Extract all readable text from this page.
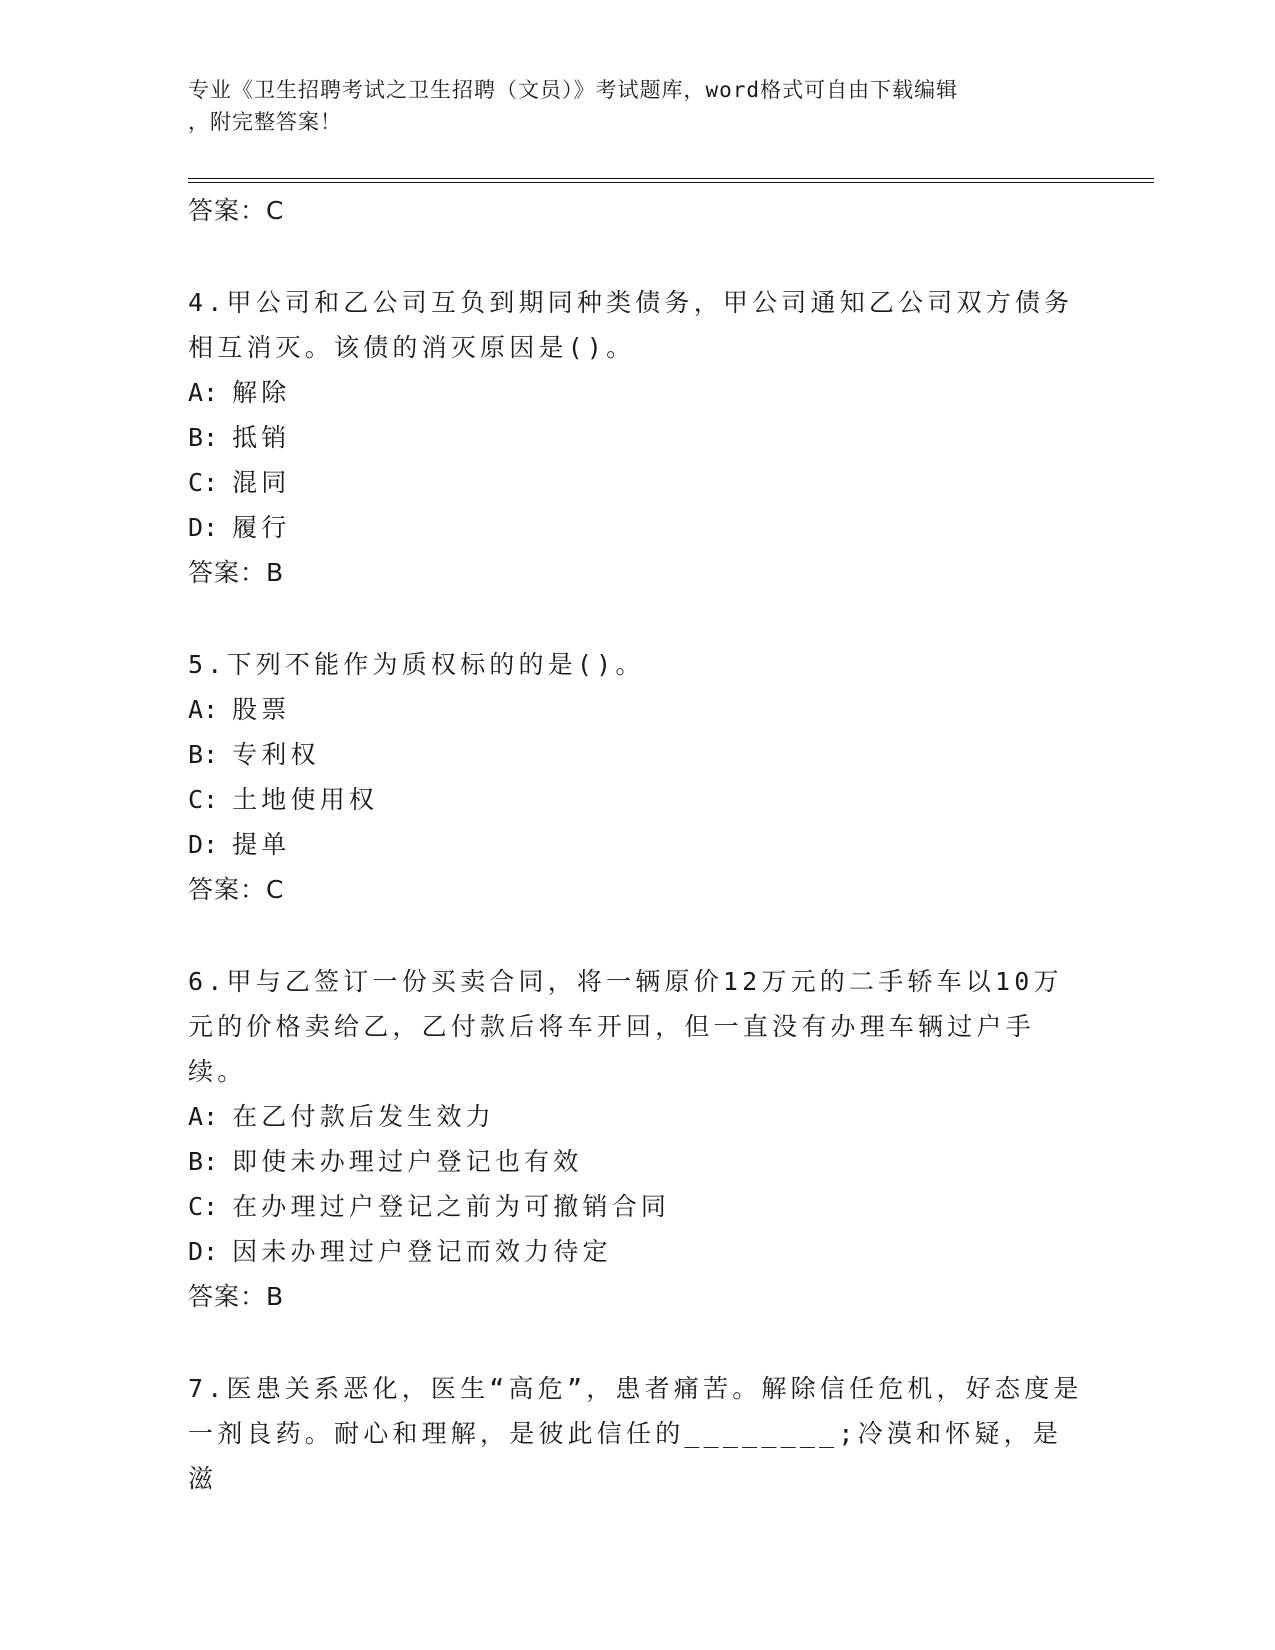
专业《卫生招聘考试之卫生招聘（文员）》考试题库，word格式可自由下载编辑
，附完整答案！
答案：C
4.甲公司和乙公司互负到期同种类债务，甲公司通知乙公司双方债务相互消灭。该债的消灭原因是()。
A: 解除
B: 抵销
C: 混同
D: 履行
答案：B
5.下列不能作为质权标的的是()。
A: 股票
B: 专利权
C: 土地使用权
D: 提单
答案：C
6.甲与乙签订一份买卖合同，将一辆原价12万元的二手轿车以10万元的价格卖给乙，乙付款后将车开回，但一直没有办理车辆过户手续。
A: 在乙付款后发生效力
B: 即使未办理过户登记也有效
C: 在办理过户登记之前为可撤销合同
D: 因未办理过户登记而效力待定
答案：B
7.医患关系恶化，医生“高危”，患者痛苦。解除信任危机，好态度是一剂良药。耐心和理解，是彼此信任的________;冷漠和怀疑，是滋
